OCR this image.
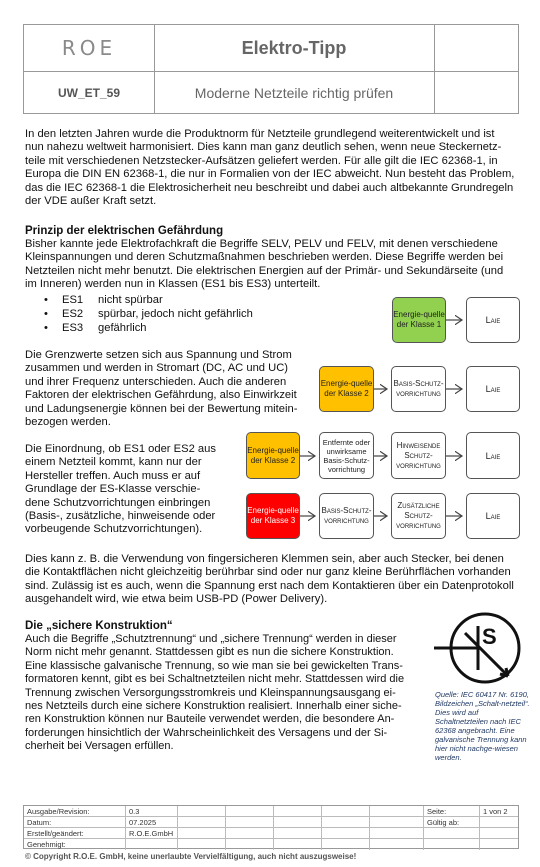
ROE	Elektro-Tipp
UW_ET_59	Moderne Netzteile richtig prüfen
In den letzten Jahren wurde die Produktnorm für Netzteile grundlegend weiterentwickelt und ist
nun nahezu weltweit harmonisiert. Dies kann man ganz deutlich sehen, wenn neue Steckernetz-
teile mit verschiedenen Netzstecker-Aufsätzen geliefert werden. Für alle gilt die IEC 62368-1, in
Europa die DIN EN 62368-1, die nur in Formalien von der IEC abweicht. Nun besteht das Problem,
das die IEC 62368-1 die Elektrosicherheit neu beschreibt und dabei auch altbekannte Grundregeln
der VDE außer Kraft setzt.
Prinzip der elektrischen Gefährdung
Bisher kannte jede Elektrofachkraft die Begriffe SELV, PELV und FELV, mit denen verschiedene
Kleinspannungen und deren Schutzmaßnahmen beschrieben werden. Diese Begriffe werden bei
Netzteilen nicht mehr benutzt. Die elektrischen Energien auf der Primär- und Sekundärseite (und
im Inneren) werden nun in Klassen (ES1 bis ES3) unterteilt.
• ES1 nicht spürbar
• ES2 spürbar, jedoch nicht gefährlich
• ES3 gefährlich
Die Grenzwerte setzen sich aus Spannung und Strom
zusammen und werden in Stromart (DC, AC und UC)
und ihrer Frequenz unterschieden. Auch die anderen
Faktoren der elektrischen Gefährdung, also Einwirkzeit
und Ladungsenergie können bei der Bewertung mitein-
bezogen werden.
Die Einordnung, ob ES1 oder ES2 aus
einem Netzteil kommt, kann nur der
Hersteller treffen. Auch muss er auf
Grundlage der ES-Klasse verschie-
dene Schutzvorrichtungen einbringen
(Basis-, zusätzliche, hinweisende oder
vorbeugende Schutzvorrichtungen).
Energie-quelle der Klasse 1	Laie
Energie-quelle der Klasse 2
Basis-Schutz-vorrichtung	Laie
Energie-quelle der Klasse 2
Entfernte oder unwirksame Basis-Schutz-vorrichtung
Hinweisende Schutz-vorrichtung
Laie
Energie-quelle der Klasse 3
Basis-Schutz-vorrichtung
Zusätzliche Schutz-vorrichtung
Laie
Dies kann z. B. die Verwendung von fingersicheren Klemmen sein, aber auch Stecker, bei denen
die Kontaktflächen nicht gleichzeitig berührbar sind oder nur ganz kleine Berührflächen vorhanden
sind. Zulässig ist es auch, wenn die Spannung erst nach dem Kontaktieren über ein Datenprotokoll
ausgehandelt wird, wie etwa beim USB-PD (Power Delivery).
Die „sichere Konstruktion“
Auch die Begriffe „Schutztrennung“ und „sichere Trennung“ werden in dieser
Norm nicht mehr genannt. Stattdessen gibt es nun die sichere Konstruktion.
Eine klassische galvanische Trennung, so wie man sie bei gewickelten Trans-
formatoren kennt, gibt es bei Schaltnetzteilen nicht mehr. Stattdessen wird die
Trennung zwischen Versorgungsstromkreis und Kleinspannungsausgang ei-
nes Netzteils durch eine sichere Konstruktion realisiert. Innerhalb einer siche-
ren Konstruktion können nur Bauteile verwendet werden, die besondere An-
forderungen hinsichtlich der Wahrscheinlichkeit des Versagens und der Si-
cherheit bei Versagen erfüllen.
S
Quelle: IEC 60417 Nr. 6190, Bildzeichen „Schalt-netzteil“. Dies wird auf Schaltnetzteilen nach IEC 62368 angebracht. Eine galvanische Trennung kann hier nicht nachge-wiesen werden.
Ausgabe/Revision:	0.3	Seite:	1 von 2
Datum:	07.2025	Gültig ab:
Erstellt/geändert:	R.O.E.GmbH
Genehmigt:
© Copyright R.O.E. GmbH, keine unerlaubte Vervielfältigung, auch nicht auszugsweise!
